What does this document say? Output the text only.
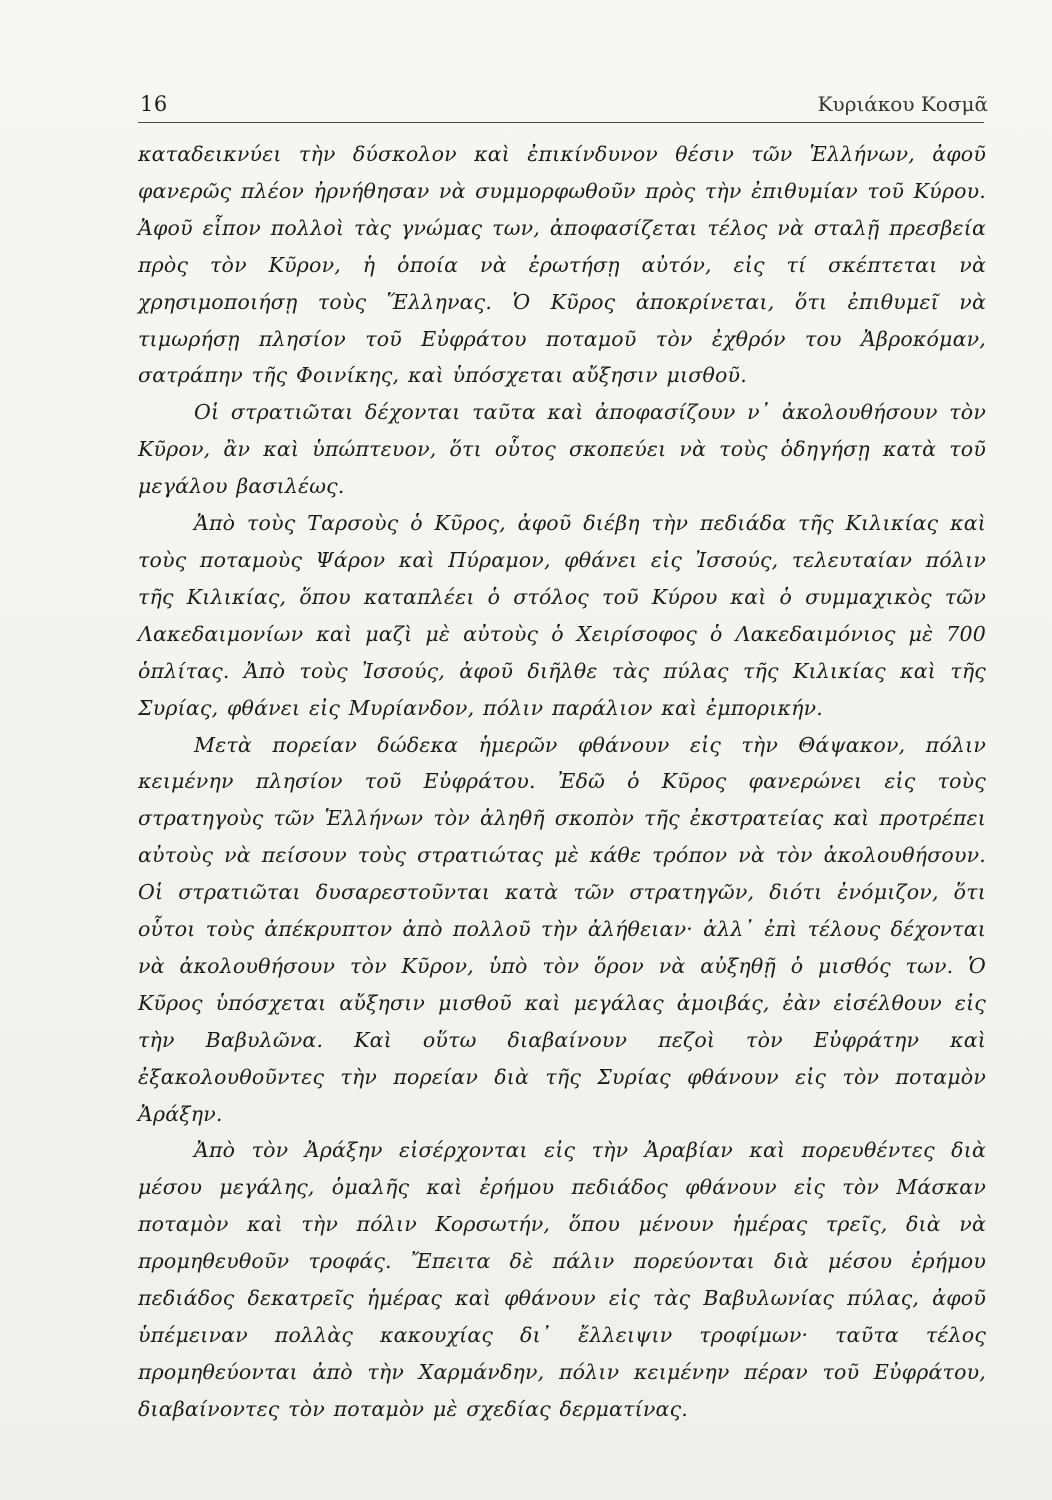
16	Κυριάκου Κοσμᾶ

καταδεικνύει τὴν δύσκολον καὶ ἐπικίνδυνον θέσιν τῶν Ἑλλήνων, ἀφοῦ φανερῶς πλέον ἠρνήθησαν νὰ συμμορφωθοῦν πρὸς τὴν ἐπιθυμίαν τοῦ Κύρου. Ἀφοῦ εἶπον πολλοὶ τὰς γνώμας των, ἀποφασίζεται τέλος νὰ σταλῇ πρεσβεία πρὸς τὸν Κῦρον, ἡ ὁποία νὰ ἐρωτήσῃ αὐτόν, εἰς τί σκέπτεται νὰ χρησιμοποιήσῃ τοὺς Ἕλληνας. Ὁ Κῦρος ἀποκρίνεται, ὅτι ἐπιθυμεῖ νὰ τιμωρήσῃ πλησίον τοῦ Εὐφράτου ποταμοῦ τὸν ἐχθρόν του Ἀβροκόμαν, σατράπην τῆς Φοινίκης, καὶ ὑπόσχεται αὔξησιν μισθοῦ.

Οἱ στρατιῶται δέχονται ταῦτα καὶ ἀποφασίζουν ν᾽ ἀκολουθήσουν τὸν Κῦρον, ἂν καὶ ὑπώπτευον, ὅτι οὗτος σκοπεύει νὰ τοὺς ὁδηγήσῃ κατὰ τοῦ μεγάλου βασιλέως.

Ἀπὸ τοὺς Ταρσοὺς ὁ Κῦρος, ἀφοῦ διέβη τὴν πεδιάδα τῆς Κιλικίας καὶ τοὺς ποταμοὺς Ψάρον καὶ Πύραμον, φθάνει εἰς Ἰσσούς, τελευταίαν πόλιν τῆς Κιλικίας, ὅπου καταπλέει ὁ στόλος τοῦ Κύρου καὶ ὁ συμμαχικὸς τῶν Λακεδαιμονίων καὶ μαζὶ μὲ αὐτοὺς ὁ Χειρίσοφος ὁ Λακεδαιμόνιος μὲ 700 ὁπλίτας. Ἀπὸ τοὺς Ἰσσούς, ἀφοῦ διῆλθε τὰς πύλας τῆς Κιλικίας καὶ τῆς Συρίας, φθάνει εἰς Μυρίανδον, πόλιν παράλιον καὶ ἐμπορικήν.

Μετὰ πορείαν δώδεκα ἡμερῶν φθάνουν εἰς τὴν Θάψακον, πόλιν κειμένην πλησίον τοῦ Εὐφράτου. Ἐδῶ ὁ Κῦρος φανερώνει εἰς τοὺς στρατηγοὺς τῶν Ἑλλήνων τὸν ἀληθῆ σκοπὸν τῆς ἐκστρατείας καὶ προτρέπει αὐτοὺς νὰ πείσουν τοὺς στρατιώτας μὲ κάθε τρόπον νὰ τὸν ἀκολουθήσουν. Οἱ στρατιῶται δυσαρεστοῦνται κατὰ τῶν στρατηγῶν, διότι ἐνόμιζον, ὅτι οὗτοι τοὺς ἀπέκρυπτον ἀπὸ πολλοῦ τὴν ἀλήθειαν· ἀλλ᾽ ἐπὶ τέλους δέχονται νὰ ἀκολουθήσουν τὸν Κῦρον, ὑπὸ τὸν ὅρον νὰ αὐξηθῇ ὁ μισθός των. Ὁ Κῦρος ὑπόσχεται αὔξησιν μισθοῦ καὶ μεγάλας ἀμοιβάς, ἐὰν εἰσέλθουν εἰς τὴν Βαβυλῶνα. Καὶ οὕτω διαβαίνουν πεζοὶ τὸν Εὐφράτην καὶ ἐξακολουθοῦντες τὴν πορείαν διὰ τῆς Συρίας φθάνουν εἰς τὸν ποταμὸν Ἀράξην.

Ἀπὸ τὸν Ἀράξην εἰσέρχονται εἰς τὴν Ἀραβίαν καὶ πορευθέντες διὰ μέσου μεγάλης, ὁμαλῆς καὶ ἐρήμου πεδιάδος φθάνουν εἰς τὸν Μάσκαν ποταμὸν καὶ τὴν πόλιν Κορσωτήν, ὅπου μένουν ἡμέρας τρεῖς, διὰ νὰ προμηθευθοῦν τροφάς. Ἔπειτα δὲ πάλιν πορεύονται διὰ μέσου ἐρήμου πεδιάδος δεκατρεῖς ἡμέρας καὶ φθάνουν εἰς τὰς Βαβυλωνίας πύλας, ἀφοῦ ὑπέμειναν πολλὰς κακουχίας δι᾽ ἔλλειψιν τροφίμων· ταῦτα τέλος προμηθεύονται ἀπὸ τὴν Χαρμάνδην, πόλιν κειμένην πέραν τοῦ Εὐφράτου, διαβαίνοντες τὸν ποταμὸν μὲ σχεδίας δερματίνας.
